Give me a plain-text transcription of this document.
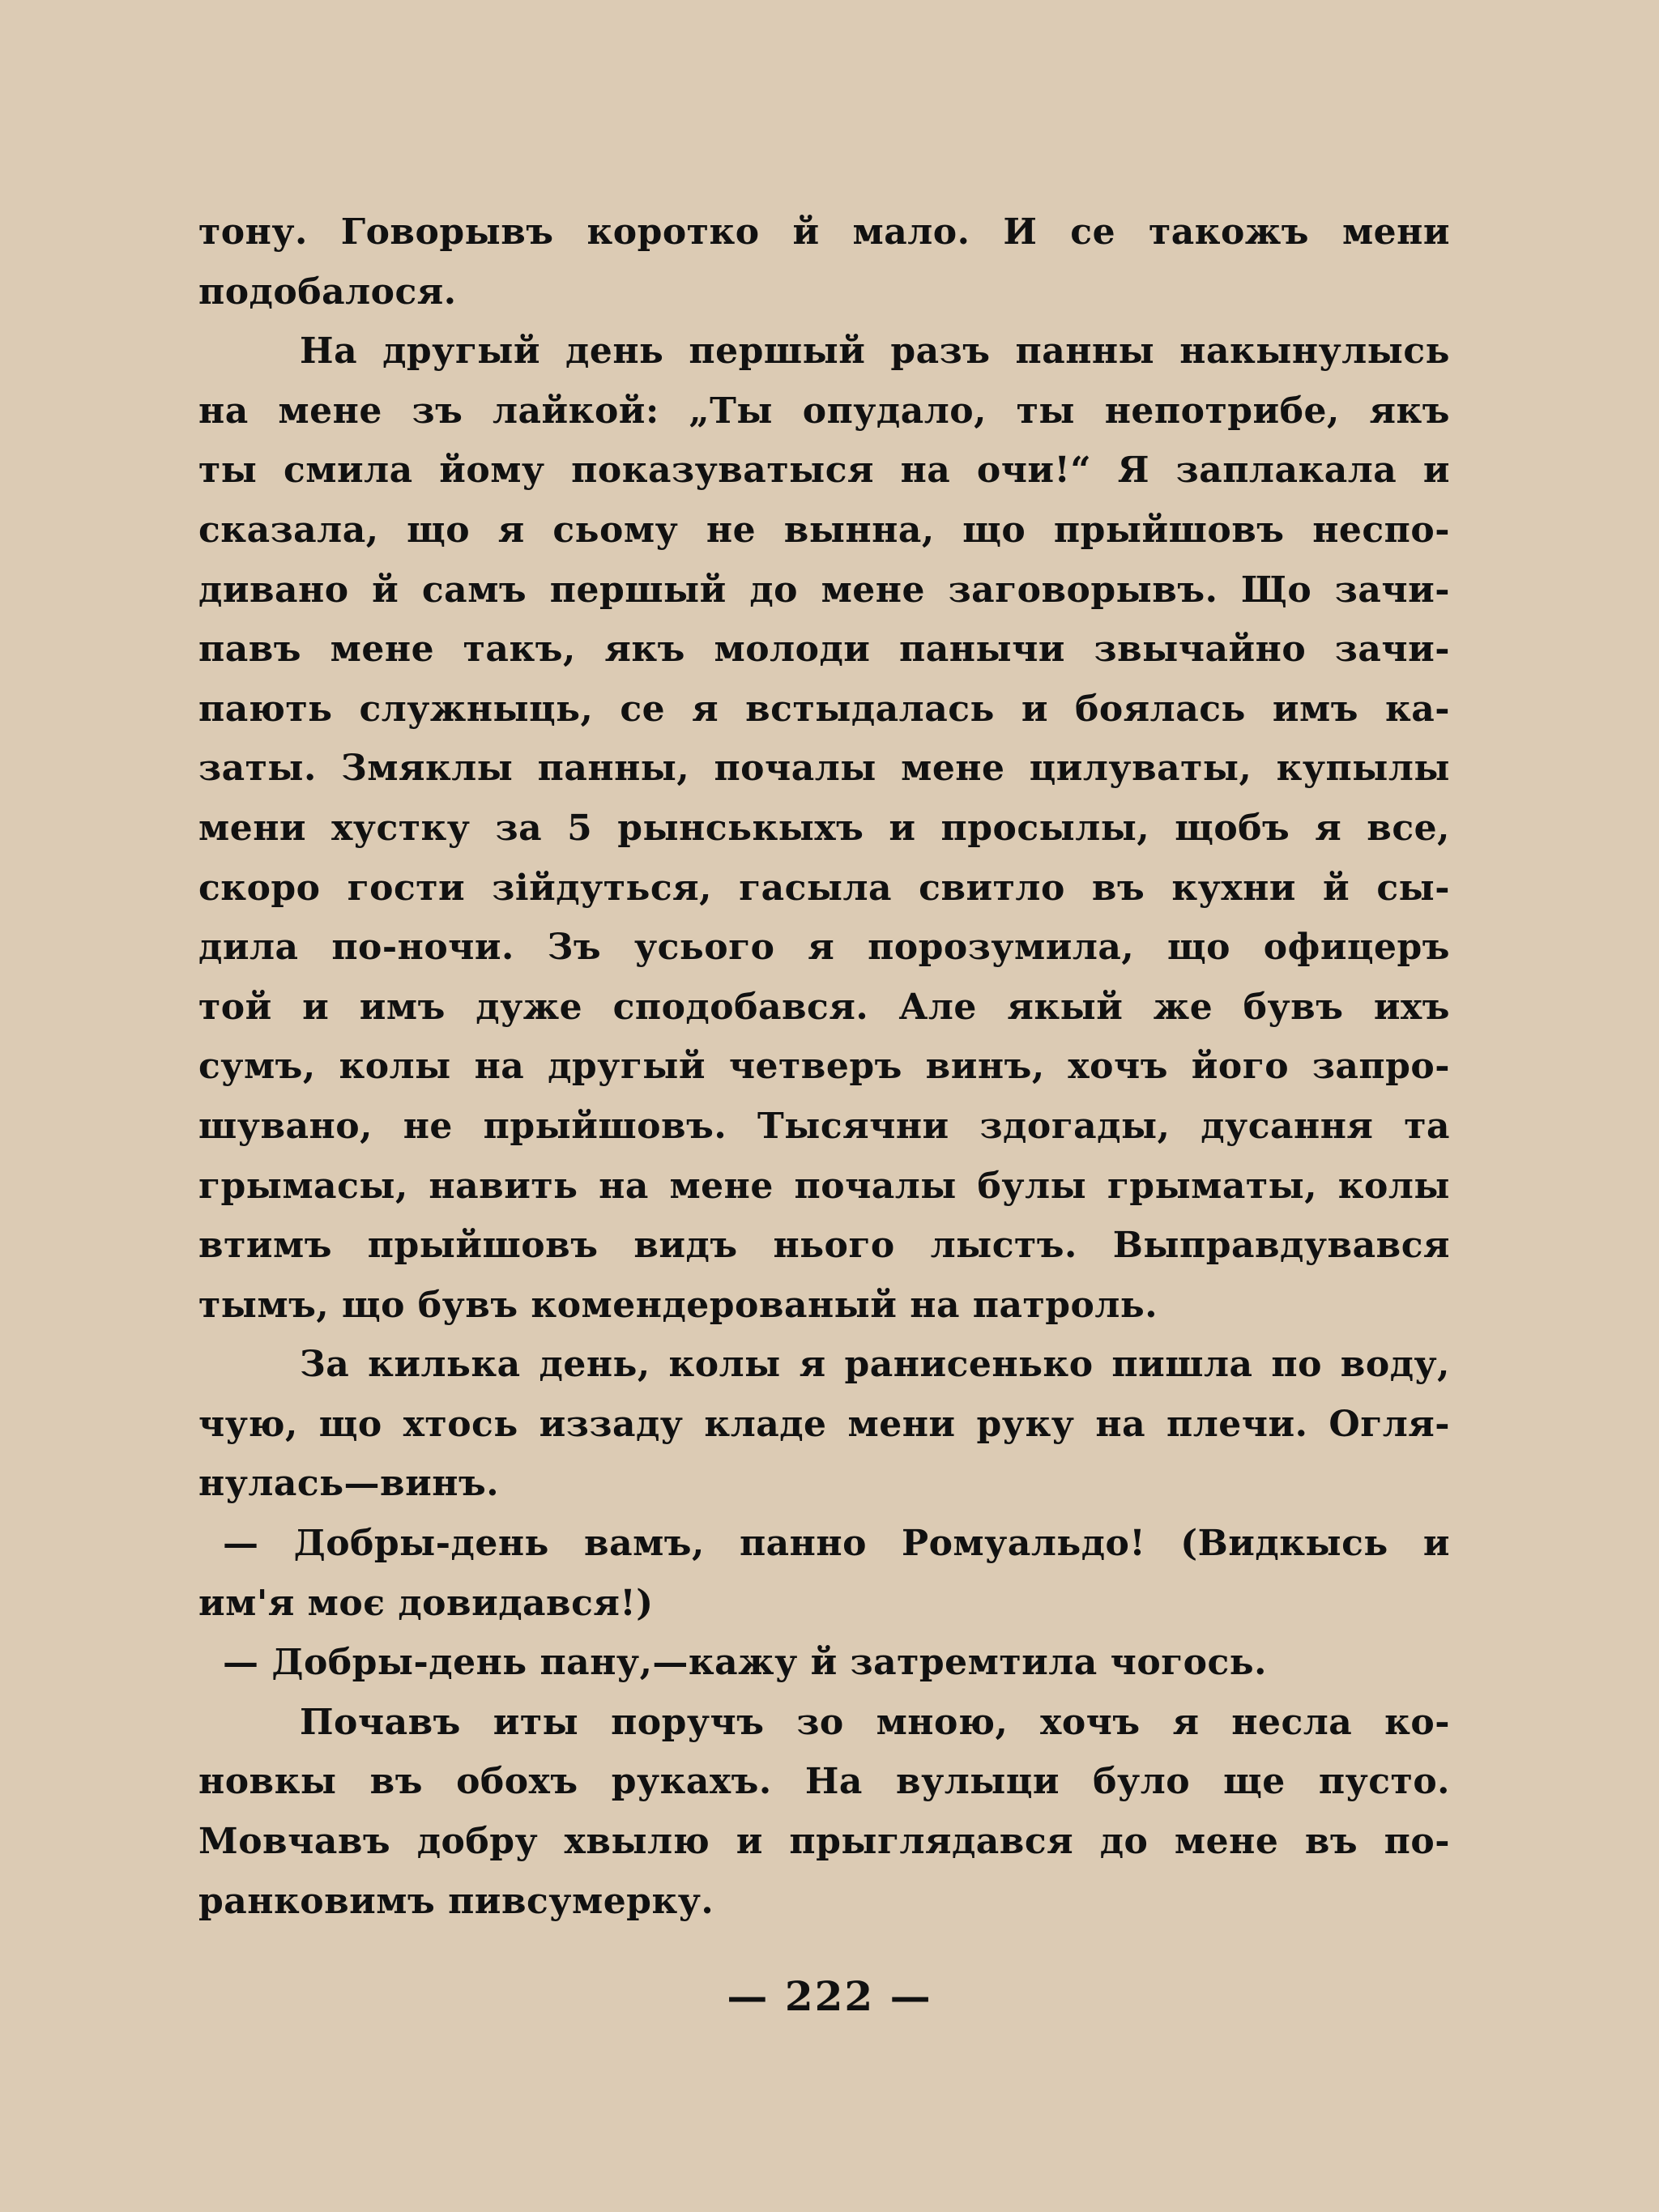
тону. Говорывъ коротко й мало. И се такожъ мени
подобалося.
На другый день першый разъ панны накынулысь
на мене зъ лайкой: „Ты опудало, ты непотрибе, якъ
ты смила йому показуватыся на очи!“ Я заплакала и
сказала, що я сьому не вынна, що прыйшовъ неспо-
дивано й самъ першый до мене заговорывъ. Що зачи-
павъ мене такъ, якъ молоди панычи звычайно зачи-
пають служныць, се я встыдалась и боялась имъ ка-
заты. Змяклы панны, почалы мене цилуваты, купылы
мени хустку за 5 рынськыхъ и просылы, щобъ я все,
скоро гости зійдуться, гасыла свитло въ кухни й сы-
дила по-ночи. Зъ усього я порозумила, що офицеръ
той и имъ дуже сподобався. Але якый же бувъ ихъ
сумъ, колы на другый четверъ винъ, хочъ його запро-
шувано, не прыйшовъ. Тысячни здогады, дусання та
грымасы, навить на мене почалы булы грыматы, колы
втимъ прыйшовъ видъ нього лыстъ. Выправдувався
тымъ, що бувъ комендерованый на патроль.
За килька день, колы я ранисенько пишла по воду,
чую, що хтось иззаду кладе мени руку на плечи. Огля-
нулась—винъ.
— Добры-день вамъ, панно Ромуальдо! (Видкысь и
им'я моє довидався!)
— Добры-день пану,—кажу й затремтила чогось.
Почавъ иты поручъ зо мною, хочъ я несла ко-
новкы въ обохъ рукахъ. На вулыци було ще пусто.
Мовчавъ добру хвылю и прыглядався до мене въ по-
ранковимъ пивсумерку.
— 222 —
